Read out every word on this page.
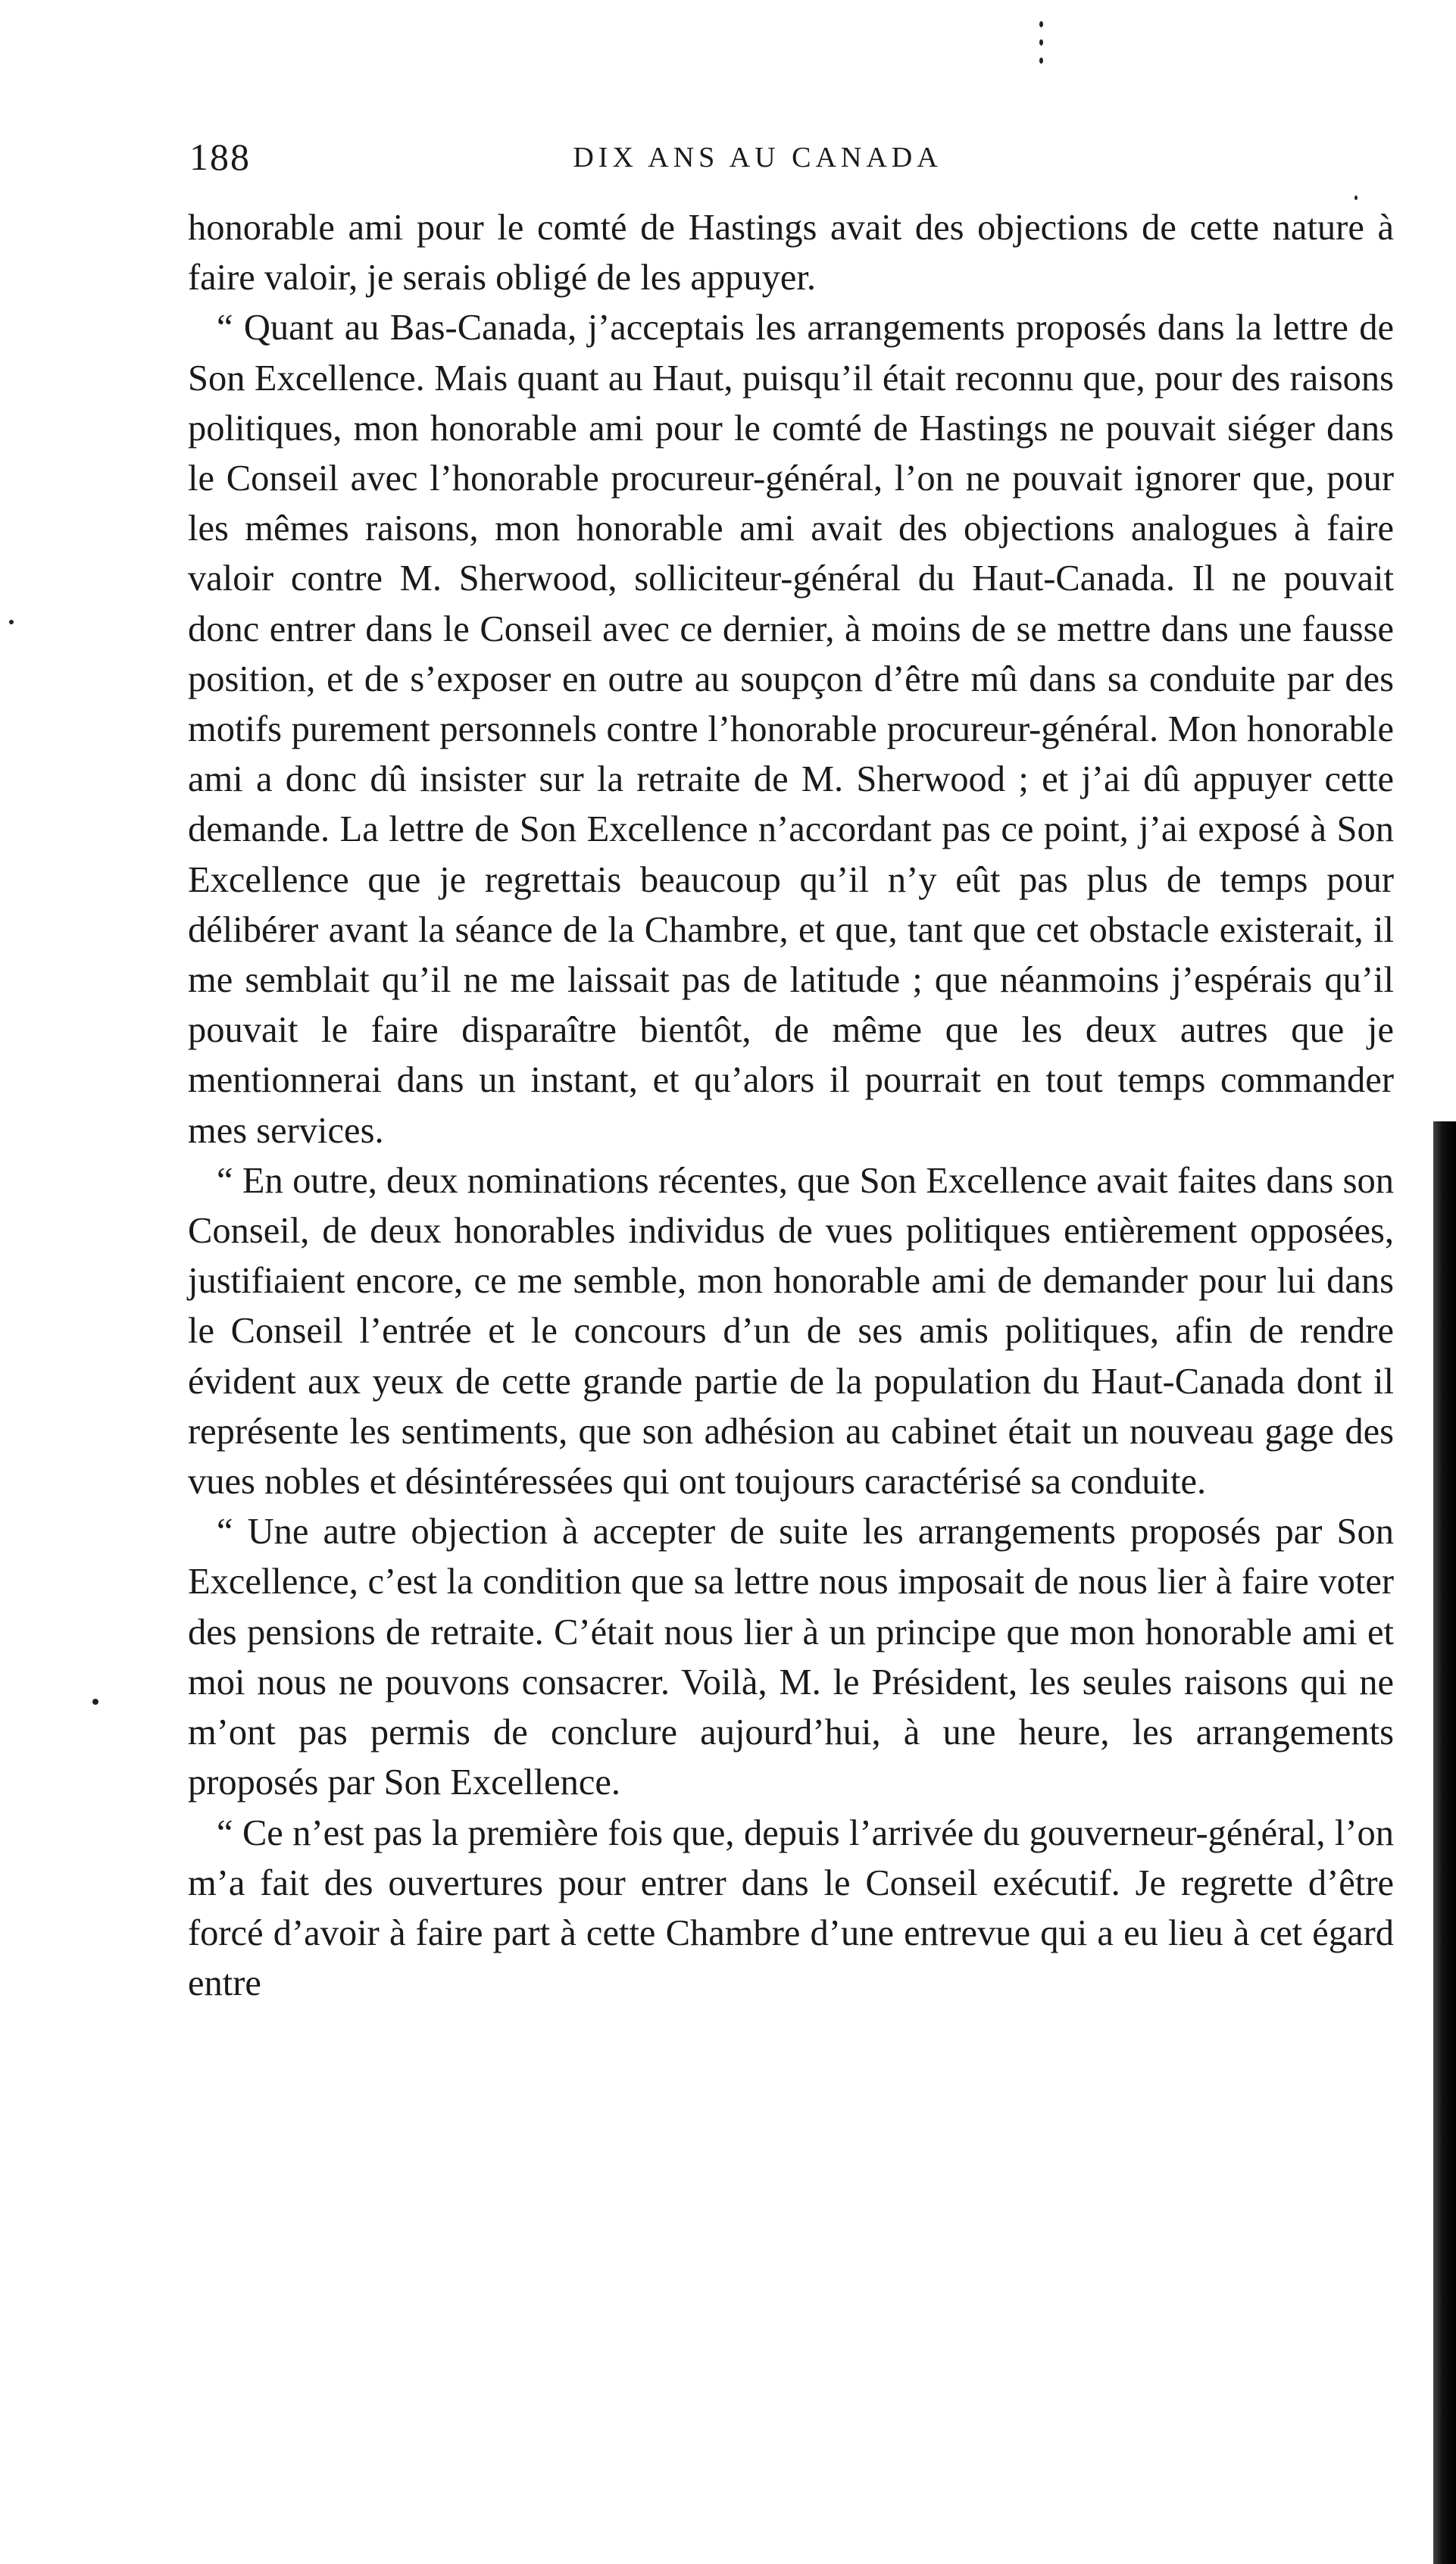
188	DIX ANS AU CANADA

honorable ami pour le comté de Hastings avait des objections de cette nature à faire valoir, je serais obligé de les appuyer.

“ Quant au Bas-Canada, j’acceptais les arrangements proposés dans la lettre de Son Excellence. Mais quant au Haut, puisqu’il était reconnu que, pour des raisons politiques, mon honorable ami pour le comté de Hastings ne pouvait siéger dans le Conseil avec l’honorable procureur-général, l’on ne pouvait ignorer que, pour les mêmes raisons, mon honorable ami avait des objections analogues à faire valoir contre M. Sherwood, solliciteur-général du Haut-Canada. Il ne pouvait donc entrer dans le Conseil avec ce dernier, à moins de se mettre dans une fausse position, et de s’exposer en outre au soupçon d’être mû dans sa conduite par des motifs purement personnels contre l’honorable procureur-général. Mon honorable ami a donc dû insister sur la retraite de M. Sherwood ; et j’ai dû appuyer cette demande. La lettre de Son Excellence n’accordant pas ce point, j’ai exposé à Son Excellence que je regrettais beaucoup qu’il n’y eût pas plus de temps pour délibérer avant la séance de la Chambre, et que, tant que cet obstacle existerait, il me semblait qu’il ne me laissait pas de latitude ; que néanmoins j’espérais qu’il pouvait le faire disparaître bientôt, de même que les deux autres que je mentionnerai dans un instant, et qu’alors il pourrait en tout temps commander mes services.

“ En outre, deux nominations récentes, que Son Excellence avait faites dans son Conseil, de deux honorables individus de vues politiques entièrement opposées, justifiaient encore, ce me semble, mon honorable ami de demander pour lui dans le Conseil l’entrée et le concours d’un de ses amis politiques, afin de rendre évident aux yeux de cette grande partie de la population du Haut-Canada dont il représente les sentiments, que son adhésion au cabinet était un nouveau gage des vues nobles et désintéressées qui ont toujours caractérisé sa conduite.

“ Une autre objection à accepter de suite les arrangements proposés par Son Excellence, c’est la condition que sa lettre nous imposait de nous lier à faire voter des pensions de retraite. C’était nous lier à un principe que mon honorable ami et moi nous ne pouvons consacrer. Voilà, M. le Président, les seules raisons qui ne m’ont pas permis de conclure aujourd’hui, à une heure, les arrangements proposés par Son Excellence.

“ Ce n’est pas la première fois que, depuis l’arrivée du gouverneur-général, l’on m’a fait des ouvertures pour entrer dans le Conseil exécutif. Je regrette d’être forcé d’avoir à faire part à cette Chambre d’une entrevue qui a eu lieu à cet égard entre
